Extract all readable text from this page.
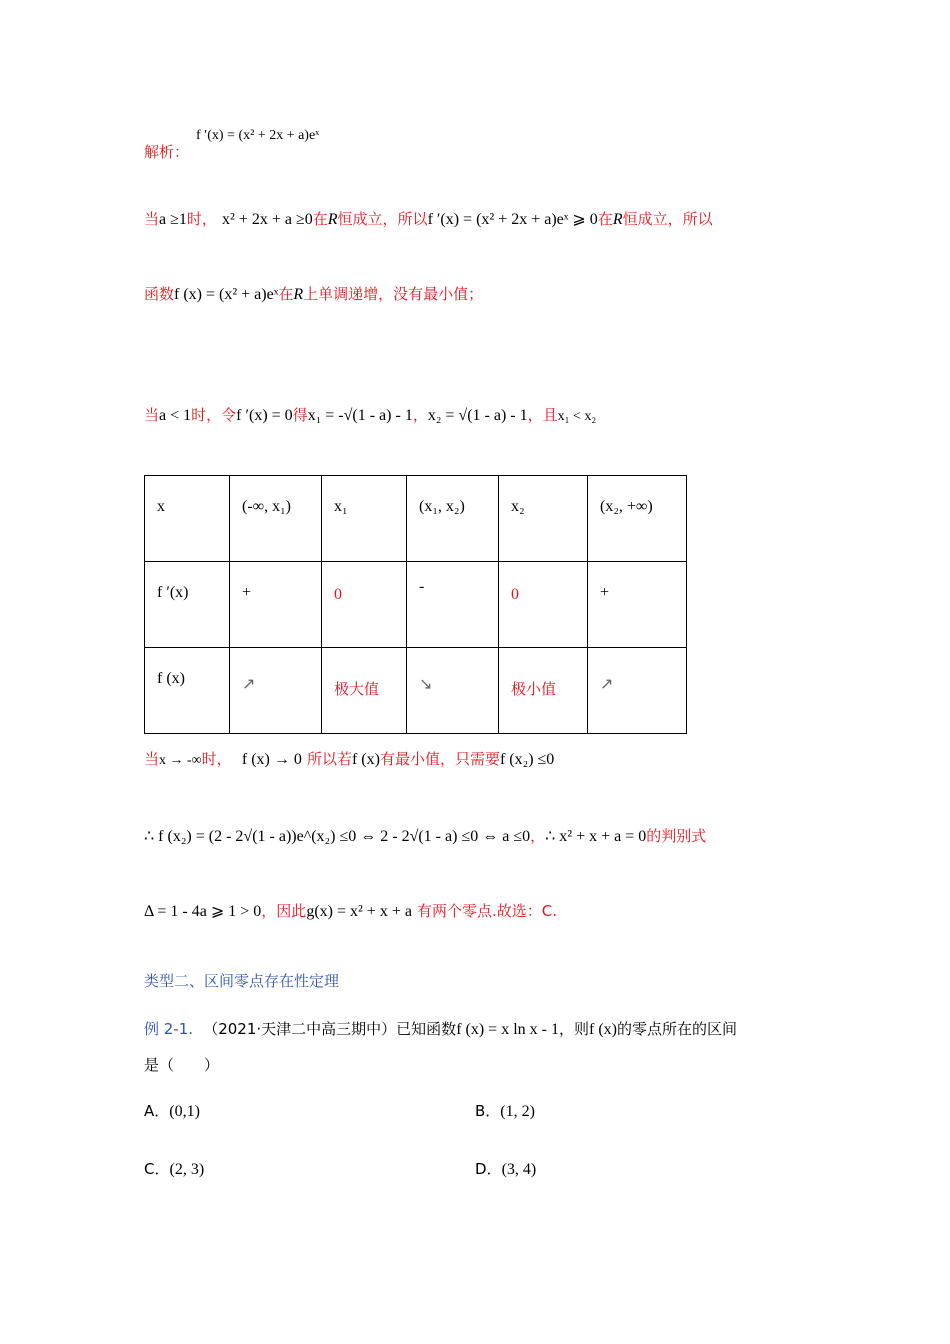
解析：
f ′(x) = (x² + 2x + a)eˣ
当a ≥1时， x² + 2x + a ≥0在R恒成立，所以f ′(x) = (x² + 2x + a)eˣ ⩾ 0在R恒成立，所以
函数f (x) = (x² + a)eˣ在R上单调递增，没有最小值；
当a < 1时，令f ′(x) = 0得x₁ = -√(1 - a) - 1，x₂ = √(1 - a) - 1，且x₁ < x₂
x	(-∞, x₁)	x₁	(x₁, x₂)	x₂	(x₂, +∞)
f ′(x)	+	0	-	0	+
f (x)	↗	极大值	↘	极小值	↗
当x → -∞时， f (x) → 0 所以若f (x)有最小值，只需要f (x₂) ≤0
∴ f (x₂) = (2 - 2√(1 - a))e^(x₂) ≤0 ⇔ 2 - 2√(1 - a) ≤0 ⇔ a ≤0，∴ x² + x + a = 0的判别式
Δ = 1 - 4a ⩾ 1 > 0，因此g(x) = x² + x + a 有两个零点.故选：C.
类型二、区间零点存在性定理
例 2-1. （2021·天津二中高三期中）已知函数f (x) = x ln x - 1，则f (x)的零点所在的区间
是（　　）
A．(0,1)	B．(1, 2)
C．(2, 3)	D．(3, 4)
